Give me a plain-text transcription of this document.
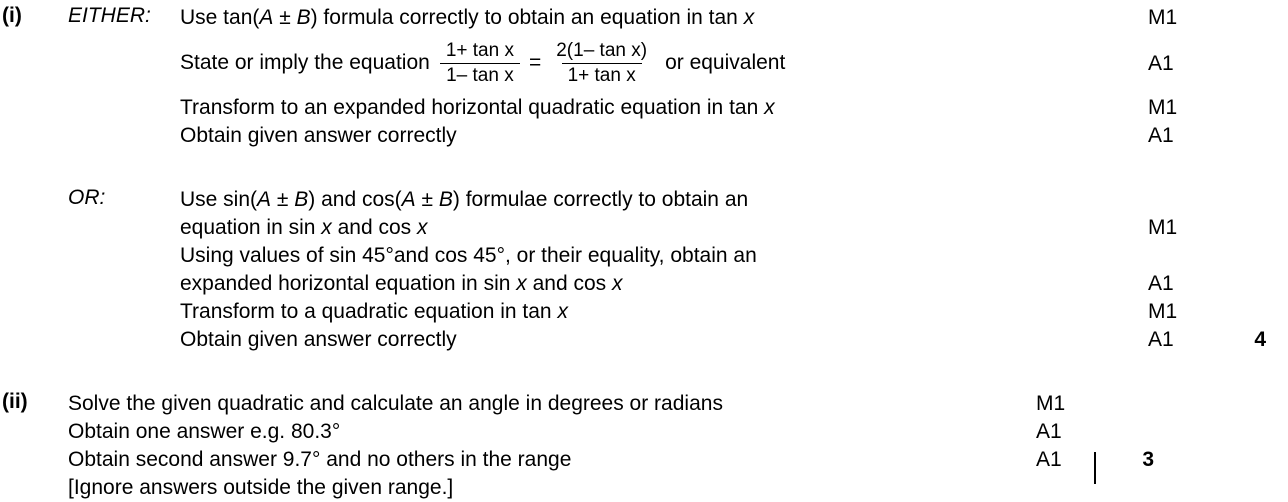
(i)	EITHER:	Use tan(A ± B) formula correctly to obtain an equation in tan x	M1
State or imply the equation $\frac{\text{1+ tan x}}{\text{1– tan x}} = \frac{\text{2(1– tan x)}}{\text{1+ tan x}}$ or equivalent	A1
Transform to an expanded horizontal quadratic equation in tan x	M1
Obtain given answer correctly	A1
OR:	Use sin(A ± B) and cos(A ± B) formulae correctly to obtain an
equation in sin x and cos x	M1
Using values of sin 45°and cos 45°, or their equality, obtain an
expanded horizontal equation in sin x and cos x	A1
Transform to a quadratic equation in tan x	M1
Obtain given answer correctly	A1	4
(ii)	Solve the given quadratic and calculate an angle in degrees or radians	M1
Obtain one answer e.g. 80.3°	A1
Obtain second answer 9.7° and no others in the range	A1	3
[Ignore answers outside the given range.]
